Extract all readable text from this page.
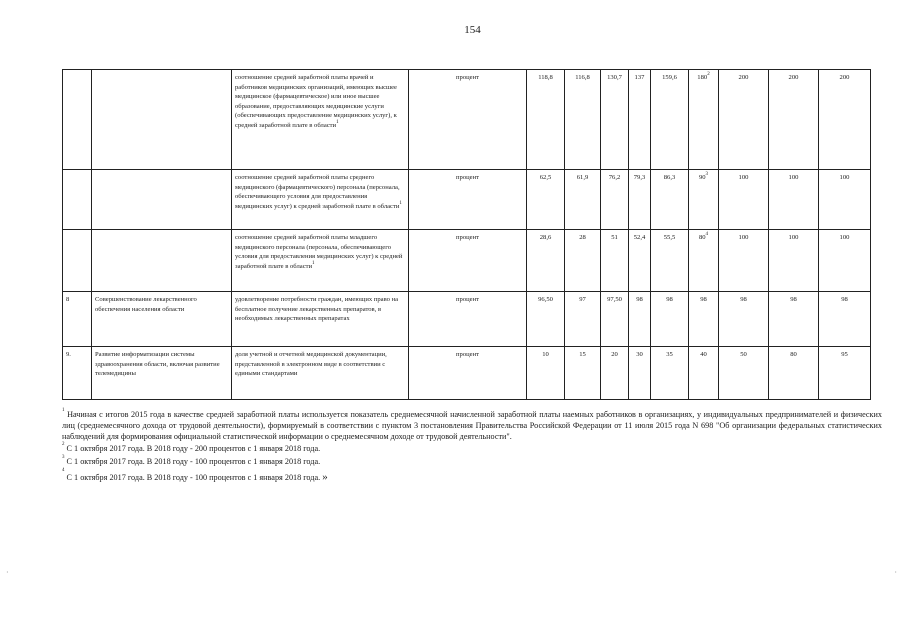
154
		соотношение средней заработной платы врачей и работников медицинских организаций, имеющих высшее медицинское (фармацевтическое) или иное высшее образование, предоставляющих медицинские услуги (обеспечивающих предоставление медицинских услуг), к средней заработной плате в области$^1$	процент	118,8	116,8	130,7	137	159,6	$180^2$	200	200	200
		соотношение средней заработной платы среднего медицинского (фармацевтического) персонала (персонала, обеспечивающего условия для предоставления медицинских услуг) к средней заработной плате в области$^1$	процент	62,5	61,9	76,2	79,3	86,3	$90^3$	100	100	100
		соотношение средней заработной платы младшего медицинского персонала (персонала, обеспечивающего условия для предоставления медицинских услуг) к средней заработной плате в области$^1$	процент	28,6	28	51	52,4	55,5	$80^4$	100	100	100
8	Совершенствование лекарственного обеспечения населения области	удовлетворение потребности граждан, имеющих право на бесплатное получение лекарственных препаратов, в необходимых лекарственных препаратах	процент	96,50	97	97,50	98	98	98	98	98	98
9.	Развитие информатизации системы здравоохранения области, включая развитие телемедицины	доля учетной и отчетной медицинской документации, представленной в электронном виде в соответствии с едиными стандартами	процент	10	15	20	30	35	40	50	80	95

$^1$ Начиная с итогов 2015 года в качестве средней заработной платы используется показатель среднемесячной начисленной заработной платы наемных работников в организациях, у индивидуальных предпринимателей и физических лиц (среднемесячного дохода от трудовой деятельности), формируемый в соответствии с пунктом 3 постановления Правительства Российской Федерации от 11 июля 2015 года N 698 "Об организации федеральных статистических наблюдений для формирования официальной статистической информации о среднемесячном доходе от трудовой деятельности".

$^2$ С 1 октября 2017 года. В 2018 году - 200 процентов с 1 января 2018 года.

$^3$ С 1 октября 2017 года. В 2018 году - 100 процентов с 1 января 2018 года.

$^4$ С 1 октября 2017 года. В 2018 году - 100 процентов с 1 января 2018 года. »

·	·
